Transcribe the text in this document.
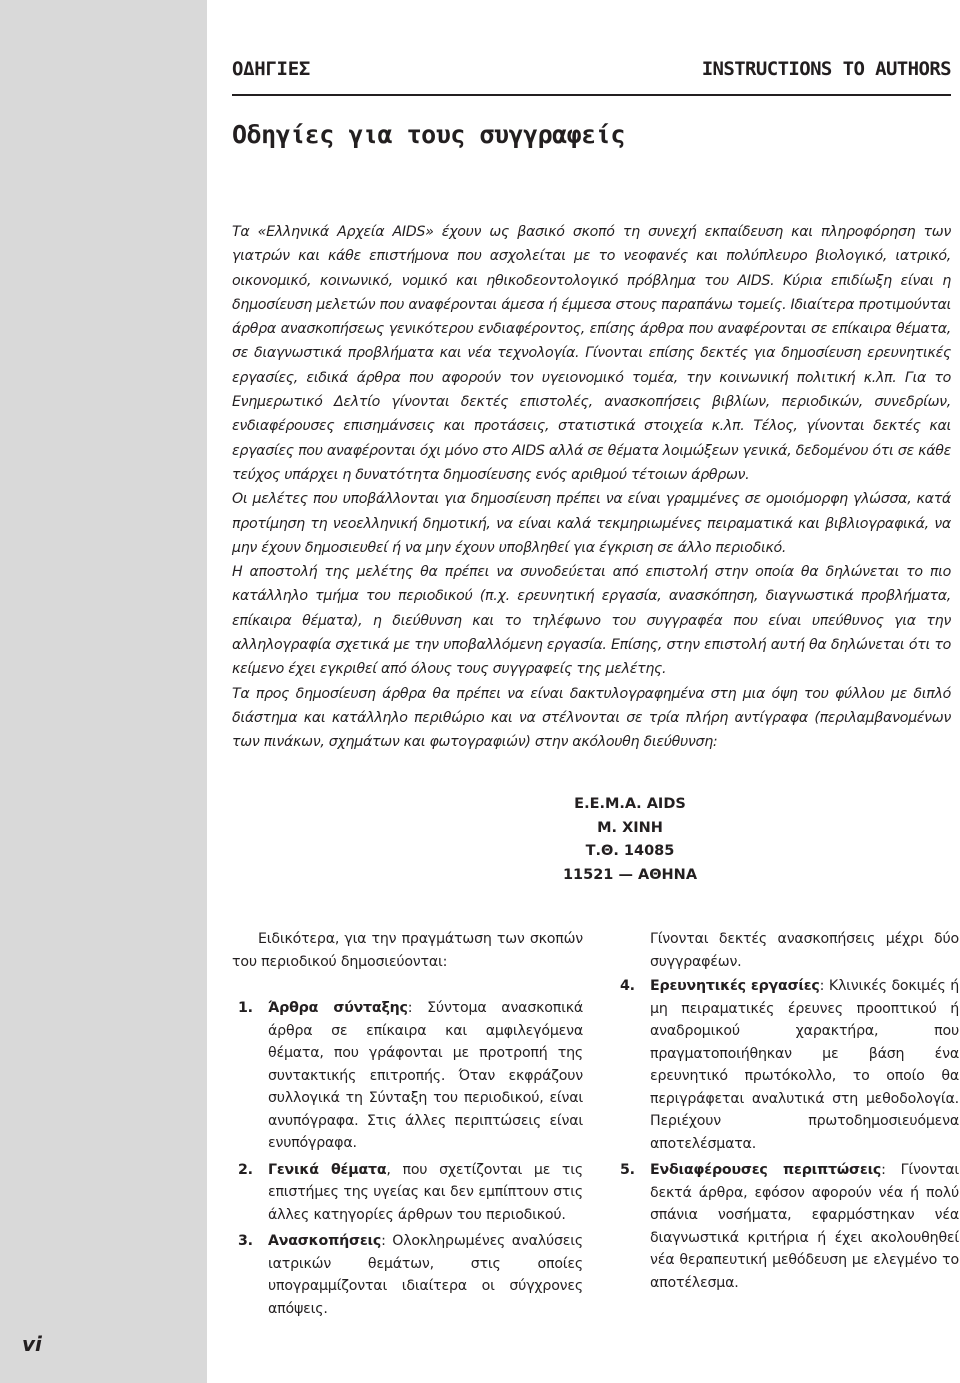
vi
ΟΔΗΓΙΕΣ	INSTRUCTIONS TO AUTHORS
Οδηγίες για τους συγγραφείς

Τα «Ελληνικά Αρχεία AIDS» έχουν ως βασικό σκοπό τη συνεχή εκπαίδευση και πληροφόρηση των γιατρών και κάθε επιστήμονα που ασχολείται με το νεοφανές και πολύπλευρο βιολογικό, ιατρικό, οικονομικό, κοινωνικό, νομικό και ηθικοδεοντολογικό πρόβλημα του AIDS. Κύρια επιδίωξη είναι η δημοσίευση μελετών που αναφέρονται άμεσα ή έμμεσα στους παραπάνω τομείς. Ιδιαίτερα προτιμούνται άρθρα ανασκοπήσεως γενικότερου ενδιαφέροντος, επίσης άρθρα που αναφέρονται σε επίκαιρα θέματα, σε διαγνωστικά προβλήματα και νέα τεχνολογία. Γίνονται επίσης δεκτές για δημοσίευση ερευνητικές εργασίες, ειδικά άρθρα που αφορούν τον υγειονομικό τομέα, την κοινωνική πολιτική κ.λπ. Για το Ενημερωτικό Δελτίο γίνονται δεκτές επιστολές, ανασκοπήσεις βιβλίων, περιοδικών, συνεδρίων, ενδιαφέρουσες επισημάνσεις και προτάσεις, στατιστικά στοιχεία κ.λπ. Τέλος, γίνονται δεκτές και εργασίες που αναφέρονται όχι μόνο στο AIDS αλλά σε θέματα λοιμώξεων γενικά, δεδομένου ότι σε κάθε τεύχος υπάρχει η δυνατότητα δημοσίευσης ενός αριθμού τέτοιων άρθρων.

Οι μελέτες που υποβάλλονται για δημοσίευση πρέπει να είναι γραμμένες σε ομοιόμορφη γλώσσα, κατά προτίμηση τη νεοελληνική δημοτική, να είναι καλά τεκμηριωμένες πειραματικά και βιβλιογραφικά, να μην έχουν δημοσιευθεί ή να μην έχουν υποβληθεί για έγκριση σε άλλο περιοδικό.

Η αποστολή της μελέτης θα πρέπει να συνοδεύεται από επιστολή στην οποία θα δηλώνεται το πιο κατάλληλο τμήμα του περιοδικού (π.χ. ερευνητική εργασία, ανασκόπηση, διαγνωστικά προβλήματα, επίκαιρα θέματα), η διεύθυνση και το τηλέφωνο του συγγραφέα που είναι υπεύθυνος για την αλληλογραφία σχετικά με την υποβαλλόμενη εργασία. Επίσης, στην επιστολή αυτή θα δηλώνεται ότι το κείμενο έχει εγκριθεί από όλους τους συγγραφείς της μελέτης.

Τα προς δημοσίευση άρθρα θα πρέπει να είναι δακτυλογραφημένα στη μια όψη του φύλλου με διπλό διάστημα και κατάλληλο περιθώριο και να στέλνονται σε τρία πλήρη αντίγραφα (περιλαμβανομένων των πινάκων, σχημάτων και φωτογραφιών) στην ακόλουθη διεύθυνση:

Ε.Ε.Μ.Α. AIDS
Μ. ΧΙΝΗ
Τ.Θ. 14085
11521 — ΑΘΗΝΑ

Ειδικότερα, για την πραγμάτωση των σκοπών του περιοδικού δημοσιεύονται:

1.	Άρθρα σύνταξης: Σύντομα ανασκοπικά άρθρα σε επίκαιρα και αμφιλεγόμενα θέματα, που γράφονται με προτροπή της συντακτικής επιτροπής. Όταν εκφράζουν συλλογικά τη Σύνταξη του περιοδικού, είναι ανυπόγραφα. Στις άλλες περιπτώσεις είναι ενυπόγραφα.
2.	Γενικά θέματα, που σχετίζονται με τις επιστήμες της υγείας και δεν εμπίπτουν στις άλλες κατηγορίες άρθρων του περιοδικού.
3.	Ανασκοπήσεις: Ολοκληρωμένες αναλύσεις ιατρικών θεμάτων, στις οποίες υπογραμμίζονται ιδιαίτερα οι σύγχρονες απόψεις.

Γίνονται δεκτές ανασκοπήσεις μέχρι δύο συγγραφέων.

4.	Ερευνητικές εργασίες: Κλινικές δοκιμές ή μη πειραματικές έρευνες προοπτικού ή αναδρομικού χαρακτήρα, που πραγματοποιήθηκαν με βάση ένα ερευνητικό πρωτόκολλο, το οποίο θα περιγράφεται αναλυτικά στη μεθοδολογία. Περιέχουν πρωτοδημοσιευόμενα αποτελέσματα.
5.	Ενδιαφέρουσες περιπτώσεις: Γίνονται δεκτά άρθρα, εφόσον αφορούν νέα ή πολύ σπάνια νοσήματα, εφαρμόστηκαν νέα διαγνωστικά κριτήρια ή έχει ακολουθηθεί νέα θεραπευτική μεθόδευση με ελεγμένο το αποτέλεσμα.
